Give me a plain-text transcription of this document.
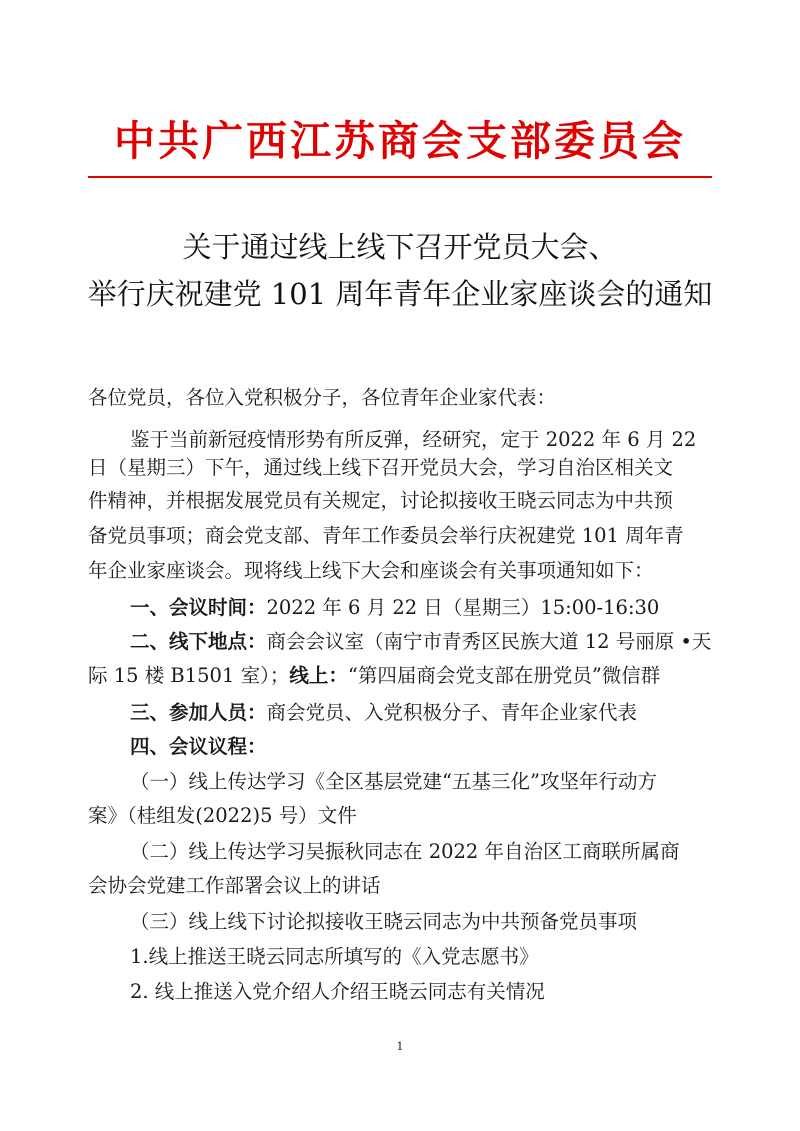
中共广西江苏商会支部委员会
关于通过线上线下召开党员大会、
举行庆祝建党 101 周年青年企业家座谈会的通知

各位党员，各位入党积极分子，各位青年企业家代表：

鉴于当前新冠疫情形势有所反弹，经研究，定于 2022 年 6 月 22

日（星期三）下午，通过线上线下召开党员大会，学习自治区相关文

件精神，并根据发展党员有关规定，讨论拟接收王晓云同志为中共预

备党员事项；商会党支部、青年工作委员会举行庆祝建党 101 周年青

年企业家座谈会。现将线上线下大会和座谈会有关事项通知如下：

一、会议时间：2022 年 6 月 22 日（星期三）15:00-16:30

二、线下地点：商会会议室（南宁市青秀区民族大道 12 号丽原 •天

际 15 楼 B1501 室）；线上：“第四届商会党支部在册党员”微信群

三、参加人员：商会党员、入党积极分子、青年企业家代表

四、会议议程：

（一）线上传达学习《全区基层党建“五基三化”攻坚年行动方

案》（桂组发(2022)5 号）文件

（二）线上传达学习吴振秋同志在 2022 年自治区工商联所属商

会协会党建工作部署会议上的讲话

（三）线上线下讨论拟接收王晓云同志为中共预备党员事项

1.线上推送王晓云同志所填写的《入党志愿书》

2. 线上推送入党介绍人介绍王晓云同志有关情况

1
